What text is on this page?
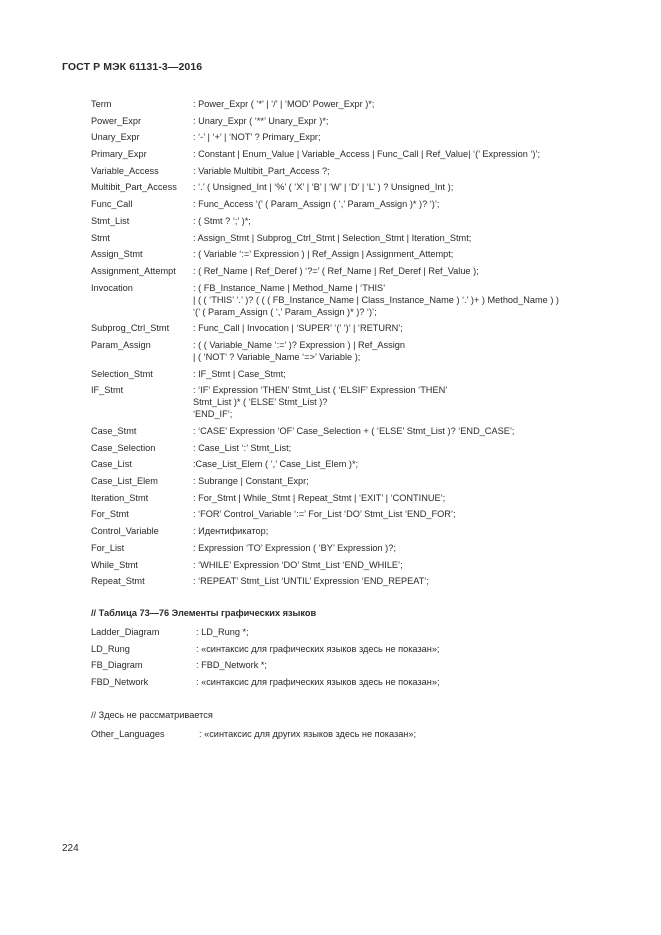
ГОСТ Р МЭК 61131-3—2016
Term	: Power_Expr ( ‘*’ | ‘/’ | ‘MOD’ Power_Expr )*;
Power_Expr	: Unary_Expr ( ‘**’ Unary_Expr )*;
Unary_Expr	: ‘-’ | ‘+’ | ‘NOT’ ? Primary_Expr;
Primary_Expr	: Constant | Enum_Value | Variable_Access | Func_Call | Ref_Value| ‘(’ Expression ‘)’;
Variable_Access	: Variable Multibit_Part_Access ?;
Multibit_Part_Access	: ‘.’ ( Unsigned_Int | ‘%’ ( ‘X’ | ‘B’ | ‘W’ | ‘D’ | ‘L’ ) ? Unsigned_Int );
Func_Call	: Func_Access ‘(’ ( Param_Assign ( ‘,’ Param_Assign )* )? ‘)’;
Stmt_List	: ( Stmt ? ‘;’ )*;
Stmt	: Assign_Stmt | Subprog_Ctrl_Stmt | Selection_Stmt | Iteration_Stmt;
Assign_Stmt	: ( Variable ‘:=’ Expression ) | Ref_Assign | Assignment_Attempt;
Assignment_Attempt	: ( Ref_Name | Ref_Deref ) ‘?=’ ( Ref_Name | Ref_Deref | Ref_Value );
Invocation	: ( FB_Instance_Name | Method_Name | ‘THIS’
| ( ( ‘THIS’ ‘.’ )? ( ( ( FB_Instance_Name | Class_Instance_Name ) ‘.’ )+ ) Method_Name ) )
‘(’ ( Param_Assign ( ‘,’ Param_Assign )* )? ‘)’;
Subprog_Ctrl_Stmt	: Func_Call | Invocation | ‘SUPER’ ‘(’ ‘)’ | ‘RETURN’;
Param_Assign	: ( ( Variable_Name ‘:=’ )? Expression ) | Ref_Assign
| ( ‘NOT’ ? Variable_Name ‘=>’ Variable );
Selection_Stmt	: IF_Stmt | Case_Stmt;
IF_Stmt	: ‘IF’ Expression ‘THEN’ Stmt_List ( ‘ELSIF’ Expression ‘THEN’
Stmt_List )* ( ‘ELSE’ Stmt_List )?
‘END_IF’;
Case_Stmt	: ‘CASE’ Expression ‘OF’ Case_Selection + ( ‘ELSE’ Stmt_List )? ‘END_CASE’;
Case_Selection	: Case_List ‘:’ Stmt_List;
Case_List	:Case_List_Elem ( ‘,’ Case_List_Elem )*;
Case_List_Elem	: Subrange | Constant_Expr;
Iteration_Stmt	: For_Stmt | While_Stmt | Repeat_Stmt | ‘EXIT’ | ‘CONTINUE’;
For_Stmt	: ‘FOR’ Control_Variable ‘:=’ For_List ‘DO’ Stmt_List ‘END_FOR’;
Control_Variable	: Идентификатор;
For_List	: Expression ‘TO’ Expression ( ‘BY’ Expression )?;
While_Stmt	: ‘WHILE’ Expression ‘DO’ Stmt_List ‘END_WHILE’;
Repeat_Stmt	: ‘REPEAT’ Stmt_List ‘UNTIL’ Expression ‘END_REPEAT’;
// Таблица 73—76 Элементы графических языков
Ladder_Diagram	: LD_Rung *;
LD_Rung	: «синтаксис для графических языков здесь не показан»;
FB_Diagram	: FBD_Network *;
FBD_Network	: «синтаксис для графических языков здесь не показан»;
// Здесь не рассматривается
Other_Languages	: «синтаксис для других языков здесь не показан»;
224
